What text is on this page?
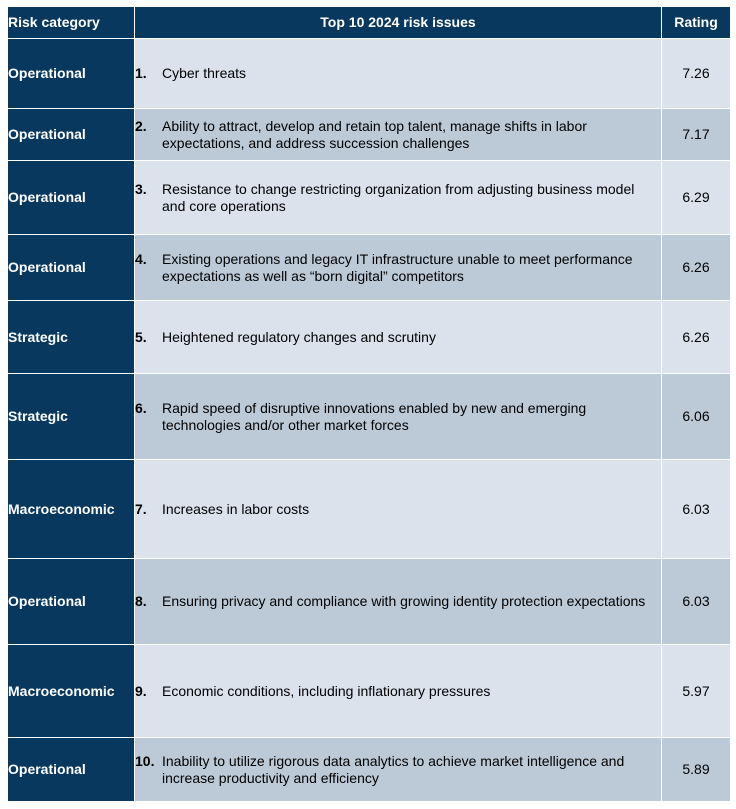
Risk category	Top 10 2024 risk issues	Rating
Operational	1. Cyber threats	7.26
Operational	2. Ability to attract, develop and retain top talent, manage shifts in labor expectations, and address succession challenges	7.17
Operational	3. Resistance to change restricting organization from adjusting business model and core operations	6.29
Operational	4. Existing operations and legacy IT infrastructure unable to meet performance expectations as well as “born digital” competitors	6.26
Strategic	5. Heightened regulatory changes and scrutiny	6.26
Strategic	6. Rapid speed of disruptive innovations enabled by new and emerging technologies and/or other market forces	6.06
Macroeconomic	7. Increases in labor costs	6.03
Operational	8. Ensuring privacy and compliance with growing identity protection expectations	6.03
Macroeconomic	9. Economic conditions, including inflationary pressures	5.97
Operational	10. Inability to utilize rigorous data analytics to achieve market intelligence and increase productivity and efficiency	5.89
